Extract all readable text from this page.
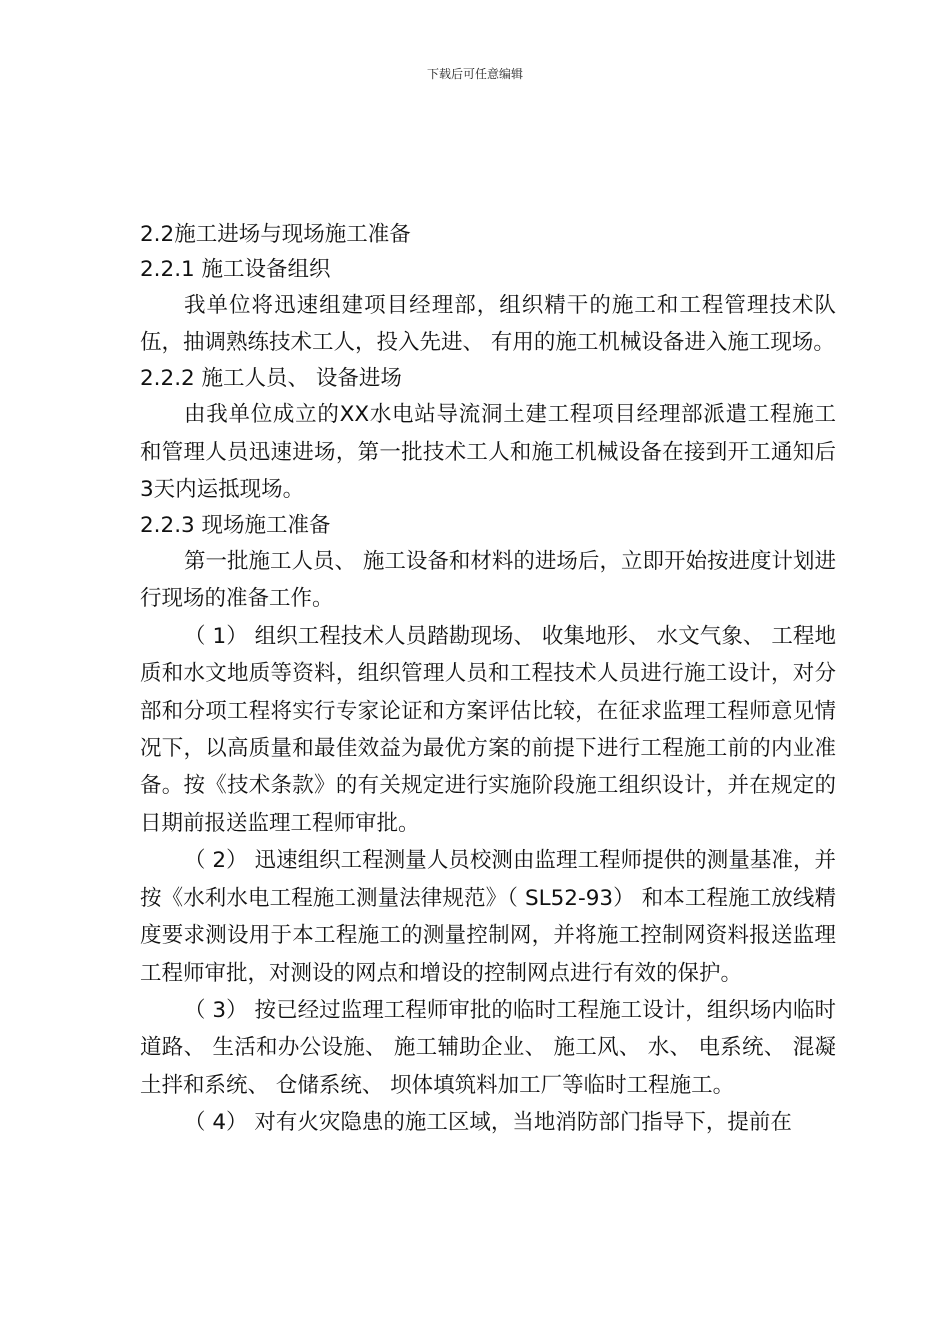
下载后可任意编辑
2.2施工进场与现场施工准备
2.2.1 施工设备组织

我单位将迅速组建项目经理部，组织精干的施工和工程管理技术队伍，抽调熟练技术工人，投入先进、 有用的施工机械设备进入施工现场。

2.2.2 施工人员、 设备进场

由我单位成立的XX水电站导流洞土建工程项目经理部派遣工程施工和管理人员迅速进场，第一批技术工人和施工机械设备在接到开工通知后3天内运抵现场。

2.2.3 现场施工准备

第一批施工人员、 施工设备和材料的进场后，立即开始按进度计划进行现场的准备工作。

（ 1） 组织工程技术人员踏勘现场、 收集地形、 水文气象、 工程地质和水文地质等资料，组织管理人员和工程技术人员进行施工设计，对分部和分项工程将实行专家论证和方案评估比较，在征求监理工程师意见情况下，以高质量和最佳效益为最优方案的前提下进行工程施工前的内业准备。按《技术条款》的有关规定进行实施阶段施工组织设计，并在规定的日期前报送监理工程师审批。

（ 2） 迅速组织工程测量人员校测由监理工程师提供的测量基准，并按《水利水电工程施工测量法律规范》（ SL52-93） 和本工程施工放线精度要求测设用于本工程施工的测量控制网，并将施工控制网资料报送监理工程师审批，对测设的网点和增设的控制网点进行有效的保护。

（ 3） 按已经过监理工程师审批的临时工程施工设计，组织场内临时道路、 生活和办公设施、 施工辅助企业、 施工风、 水、 电系统、 混凝土拌和系统、 仓储系统、 坝体填筑料加工厂等临时工程施工。

（ 4） 对有火灾隐患的施工区域，当地消防部门指导下，提前在
